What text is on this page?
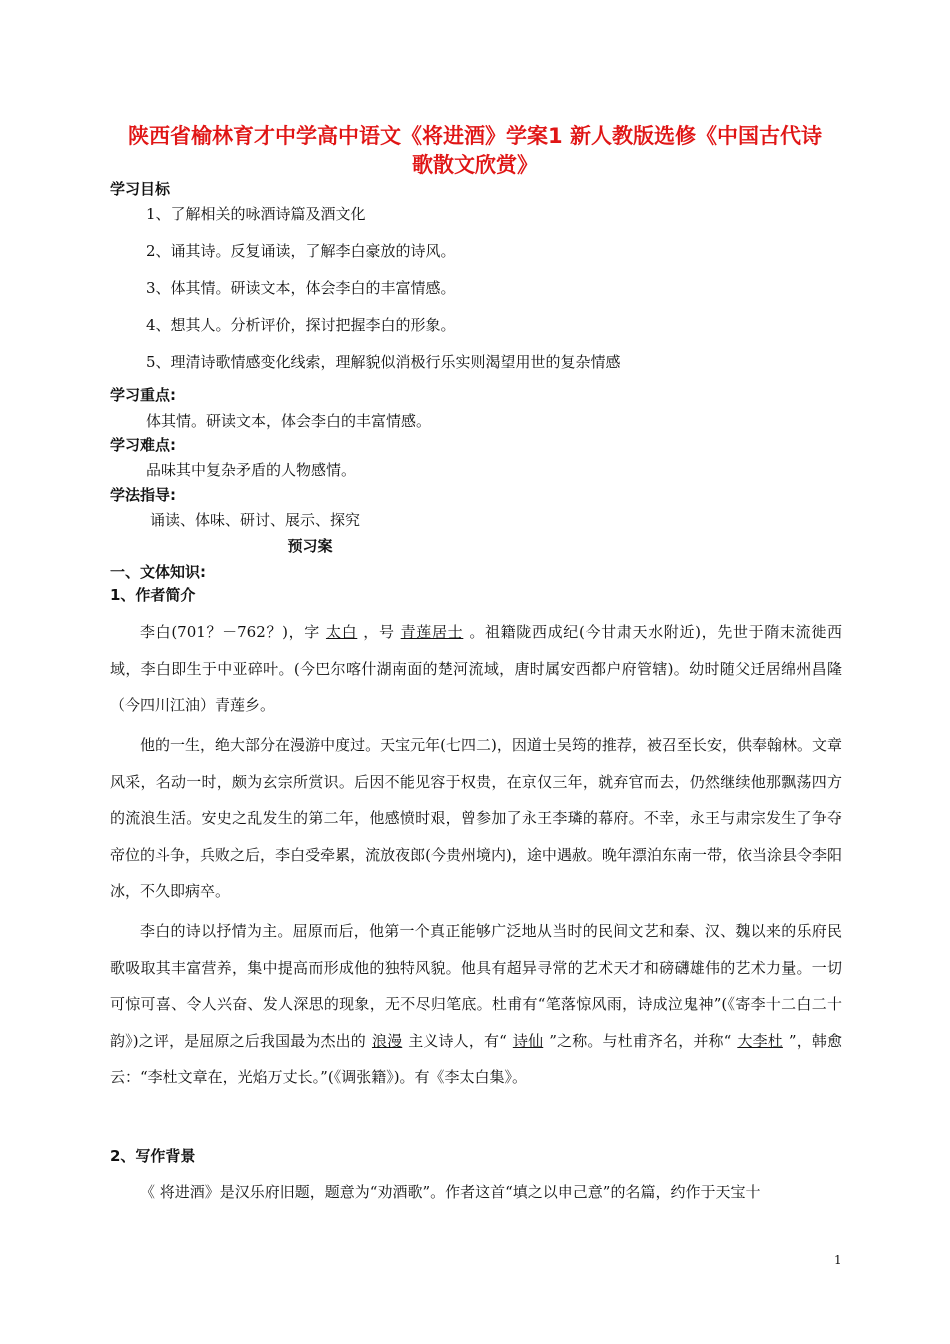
陕西省榆林育才中学高中语文《将进酒》学案1 新人教版选修《中国古代诗
歌散文欣赏》
学习目标
1、了解相关的咏酒诗篇及酒文化
2、诵其诗。反复诵读，了解李白豪放的诗风。
3、体其情。研读文本，体会李白的丰富情感。
4、想其人。分析评价，探讨把握李白的形象。
5、理清诗歌情感变化线索，理解貌似消极行乐实则渴望用世的复杂情感
学习重点:
体其情。研读文本，体会李白的丰富情感。
学习难点:
品味其中复杂矛盾的人物感情。
学法指导:
诵读、体味、研讨、展示、探究
预习案
一、文体知识:
1、作者简介
李白(701？－762？)，字 太白 ，号 青莲居士 。祖籍陇西成纪(今甘肃天水附近)，先世于隋末流徙西域，李白即生于中亚碎叶。(今巴尔喀什湖南面的楚河流域，唐时属安西都户府管辖)。幼时随父迁居绵州昌隆（今四川江油）青莲乡。
他的一生，绝大部分在漫游中度过。天宝元年(七四二)，因道士吴筠的推荐，被召至长安，供奉翰林。文章风采，名动一时，颇为玄宗所赏识。后因不能见容于权贵，在京仅三年，就弃官而去，仍然继续他那飘荡四方的流浪生活。安史之乱发生的第二年，他感愤时艰，曾参加了永王李璘的幕府。不幸，永王与肃宗发生了争夺帝位的斗争，兵败之后，李白受牵累，流放夜郎(今贵州境内)，途中遇赦。晚年漂泊东南一带，依当涂县令李阳冰，不久即病卒。
李白的诗以抒情为主。屈原而后，他第一个真正能够广泛地从当时的民间文艺和秦、汉、魏以来的乐府民歌吸取其丰富营养，集中提高而形成他的独特风貌。他具有超异寻常的艺术天才和磅礴雄伟的艺术力量。一切可惊可喜、令人兴奋、发人深思的现象，无不尽归笔底。杜甫有“笔落惊风雨，诗成泣鬼神”(《寄李十二白二十韵》)之评，是屈原之后我国最为杰出的 浪漫 主义诗人，有“ 诗仙 ”之称。与杜甫齐名，并称“ 大李杜 ”，韩愈云：“李杜文章在，光焰万丈长。”(《调张籍》)。有《李太白集》。
2、写作背景
《 将进酒》是汉乐府旧题，题意为“劝酒歌”。作者这首“填之以申己意”的名篇，约作于天宝十
1
